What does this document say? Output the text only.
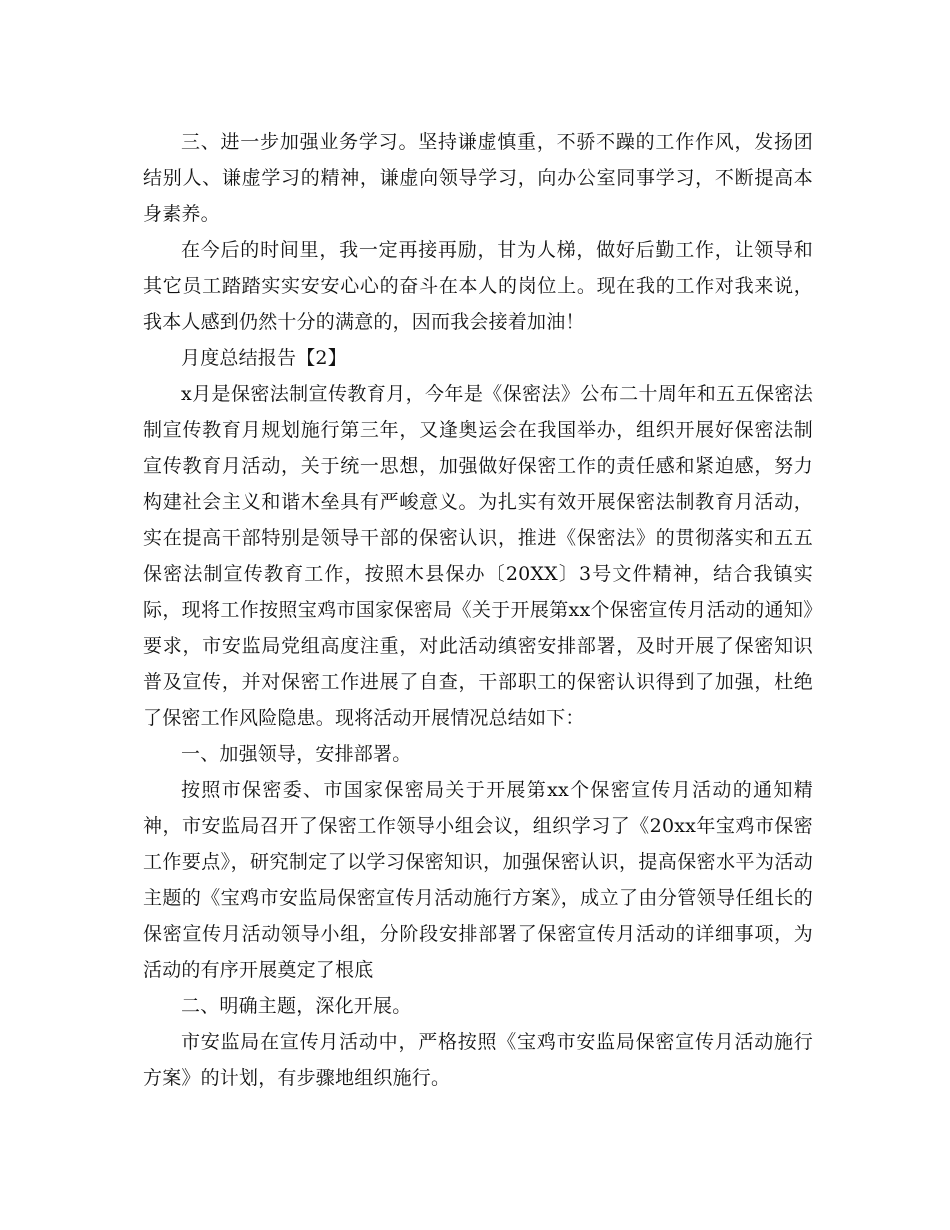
三、进一步加强业务学习。坚持谦虚慎重，不骄不躁的工作作风，发扬团结别人、谦虚学习的精神，谦虚向领导学习，向办公室同事学习，不断提高本身素养。

在今后的时间里，我一定再接再励，甘为人梯，做好后勤工作，让领导和其它员工踏踏实实安安心心的奋斗在本人的岗位上。现在我的工作对我来说，我本人感到仍然十分的满意的，因而我会接着加油！

月度总结报告【2】

x月是保密法制宣传教育月，今年是《保密法》公布二十周年和五五保密法制宣传教育月规划施行第三年，又逢奥运会在我国举办，组织开展好保密法制宣传教育月活动，关于统一思想，加强做好保密工作的责任感和紧迫感，努力构建社会主义和谐木垒具有严峻意义。为扎实有效开展保密法制教育月活动，实在提高干部特别是领导干部的保密认识，推进《保密法》的贯彻落实和五五保密法制宣传教育工作，按照木县保办〔20XX〕3号文件精神，结合我镇实际，现将工作按照宝鸡市国家保密局《关于开展第xx个保密宣传月活动的通知》要求，市安监局党组高度注重，对此活动缜密安排部署，及时开展了保密知识普及宣传，并对保密工作进展了自查，干部职工的保密认识得到了加强，杜绝了保密工作风险隐患。现将活动开展情况总结如下：

一、加强领导，安排部署。

按照市保密委、市国家保密局关于开展第xx个保密宣传月活动的通知精神，市安监局召开了保密工作领导小组会议，组织学习了《20xx年宝鸡市保密工作要点》，研究制定了以学习保密知识，加强保密认识，提高保密水平为活动主题的《宝鸡市安监局保密宣传月活动施行方案》，成立了由分管领导任组长的保密宣传月活动领导小组，分阶段安排部署了保密宣传月活动的详细事项，为活动的有序开展奠定了根底

二、明确主题，深化开展。

市安监局在宣传月活动中，严格按照《宝鸡市安监局保密宣传月活动施行方案》的计划，有步骤地组织施行。
